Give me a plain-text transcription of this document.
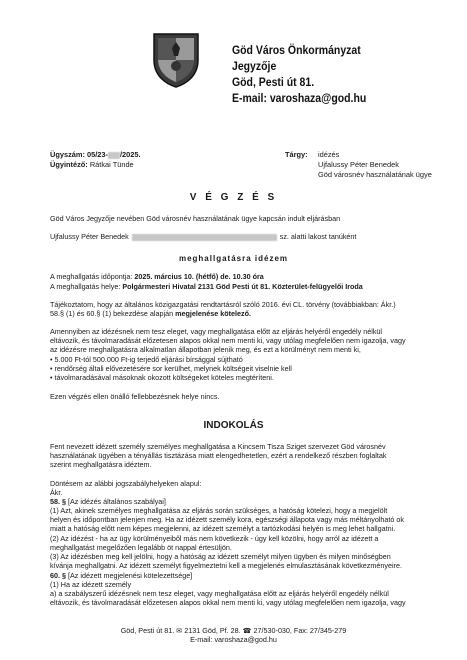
Göd Város Önkormányzat
Jegyzője
Göd, Pesti út 81.
E-mail: varoshaza@god.hu
Ügyszám: 05/23- /2025.
Ügyintéző: Rátkai Tünde
Tárgy:	idézés
Ujfalussy Péter Benedek
Göd városnév használatának ügye
V É G Z É S
Göd Város Jegyzője nevében Göd városnév használatának ügye kapcsán indult eljárásban
Ujfalussy Péter Benedek	sz. alatti lakost tanúként
meghallgatásra idézem
A meghallgatás időpontja: 2025. március 10. (hétfő) de. 10.30 óra
A meghallgatás helye: Polgármesteri Hivatal 2131 Göd Pesti út 81. Közterület-felügyelői Iroda
Tájékoztatom, hogy az általános közigazgatási rendtartásról szóló 2016. évi CL. törvény (továbbiakban: Ákr.)
58.§ (1) és 60.§ (1) bekezdése alapján megjelenése kötelező.
Amennyiben az idézésnek nem tesz eleget, vagy meghallgatása előtt az eljárás helyéről engedély nélkül
eltávozik, és távolmaradását előzetesen alapos okkal nem menti ki, vagy utólag megfelelően nem igazolja, vagy
az idézésre meghallgatásra alkalmatlan állapotban jelenik meg, és ezt a körülményt nem menti ki,
• 5.000 Ft-tól 500.000 Ft-ig terjedő eljárási bírsággal sújtható
• rendőrség általi elővezetésére sor kerülhet, melynek költségeit viselnie kell
• távolmaradásával másoknak okozott költségeket köteles megtéríteni.
Ezen végzés ellen önálló fellebbezésnek helye nincs.
INDOKOLÁS
Fent nevezett idézett személy személyes meghallgatása a Kincsem Tisza Sziget szervezet Göd városnév
használatának ügyében a tényállás tisztázása miatt elengedhetetlen, ezért a rendelkező részben foglaltak
szerint meghallgatásra idéztem.
Döntésem az alábbi jogszabályhelyeken alapul:
Ákr.
58. § [Az idézés általános szabályai]
(1) Azt, akinek személyes meghallgatása az eljárás során szükséges, a hatóság kötelezi, hogy a megjelölt
helyen és időpontban jelenjen meg. Ha az idézett személy kora, egészségi állapota vagy más méltányolható ok
miatt a hatóság előtt nem képes megjelenni, az idézett személyt a tartózkodási helyén is meg lehet hallgatni.
(2) Az idézést - ha az ügy körülményeiből más nem következik - úgy kell közölni, hogy arról az idézett a
meghallgatást megelőzően legalább öt nappal értesüljön.
(3) Az idézésben meg kell jelölni, hogy a hatóság az idézett személyt milyen ügyben és milyen minőségben
kívánja meghallgatni. Az idézett személyt figyelmeztetni kell a megjelenés elmulasztásának következményeire.
60. § [Az idézett megjelenési kötelezettsége]
(1) Ha az idézett személy
a) a szabályszerű idézésnek nem tesz eleget, vagy meghallgatása előtt az eljárás helyéről engedély nélkül
eltávozik, és távolmaradását előzetesen alapos okkal nem menti ki, vagy utólag megfelelően nem igazolja, vagy
Göd, Pesti út 81. ✉ 2131 Göd, Pf. 28. ☎ 27/530-030, Fax: 27/345-279
E-mail: varoshaza@god.hu
